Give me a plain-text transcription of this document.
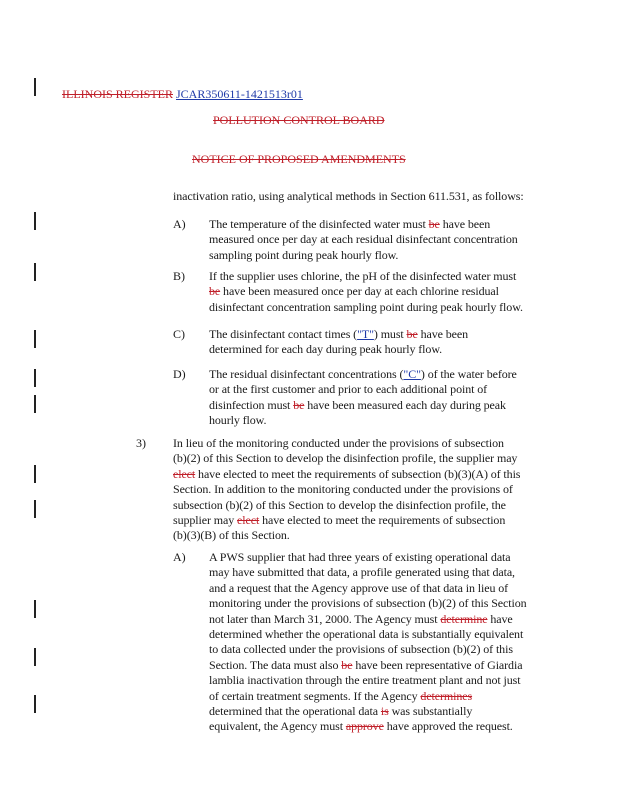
ILLINOIS REGISTER JCAR350611-1421513r01
POLLUTION CONTROL BOARD
NOTICE OF PROPOSED AMENDMENTS
inactivation ratio, using analytical methods in Section 611.531, as follows:
A) The temperature of the disinfected water must be have been
measured once per day at each residual disinfectant concentration
sampling point during peak hourly flow.
B) If the supplier uses chlorine, the pH of the disinfected water must
be have been measured once per day at each chlorine residual
disinfectant concentration sampling point during peak hourly flow.
C) The disinfectant contact times ("T") must be have been
determined for each day during peak hourly flow.
D) The residual disinfectant concentrations ("C") of the water before
or at the first customer and prior to each additional point of
disinfection must be have been measured each day during peak
hourly flow.
3) In lieu of the monitoring conducted under the provisions of subsection
(b)(2) of this Section to develop the disinfection profile, the supplier may
elect have elected to meet the requirements of subsection (b)(3)(A) of this
Section. In addition to the monitoring conducted under the provisions of
subsection (b)(2) of this Section to develop the disinfection profile, the
supplier may elect have elected to meet the requirements of subsection
(b)(3)(B) of this Section.
A) A PWS supplier that had three years of existing operational data
may have submitted that data, a profile generated using that data,
and a request that the Agency approve use of that data in lieu of
monitoring under the provisions of subsection (b)(2) of this Section
not later than March 31, 2000. The Agency must determine have
determined whether the operational data is substantially equivalent
to data collected under the provisions of subsection (b)(2) of this
Section. The data must also be have been representative of Giardia
lamblia inactivation through the entire treatment plant and not just
of certain treatment segments. If the Agency determines
determined that the operational data is was substantially
equivalent, the Agency must approve have approved the request.
